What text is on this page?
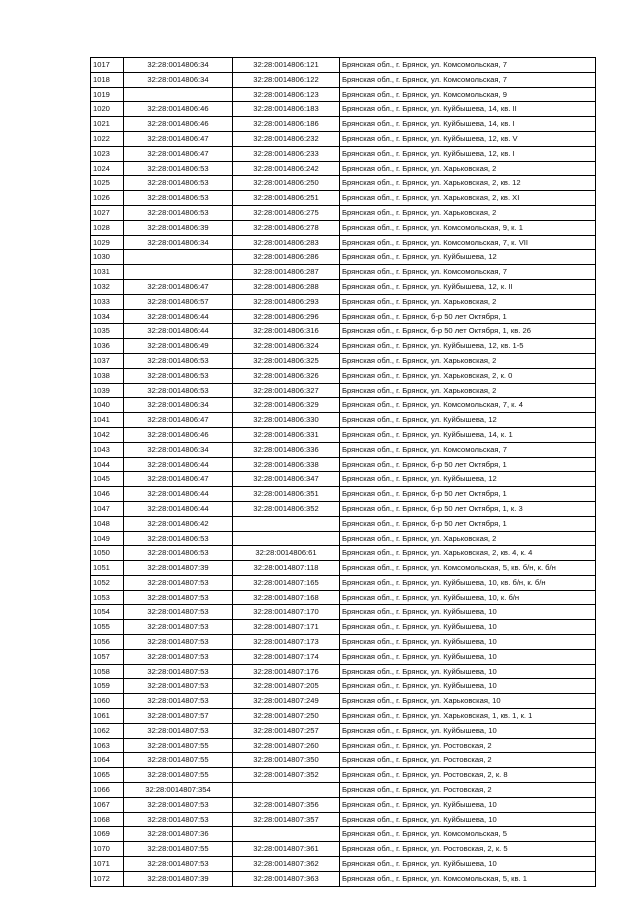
1017	32:28:0014806:34	32:28:0014806:121	Брянская обл., г. Брянск, ул. Комсомольская, 7
1018	32:28:0014806:34	32:28:0014806:122	Брянская обл., г. Брянск, ул. Комсомольская, 7
1019		32:28:0014806:123	Брянская обл., г. Брянск, ул. Комсомольская, 9
1020	32:28:0014806:46	32:28:0014806:183	Брянская обл., г. Брянск, ул. Куйбышева, 14, кв. II
1021	32:28:0014806:46	32:28:0014806:186	Брянская обл., г. Брянск, ул. Куйбышева, 14, кв. I
1022	32:28:0014806:47	32:28:0014806:232	Брянская обл., г. Брянск, ул. Куйбышева, 12, кв. V
1023	32:28:0014806:47	32:28:0014806:233	Брянская обл., г. Брянск, ул. Куйбышева, 12, кв. I
1024	32:28:0014806:53	32:28:0014806:242	Брянская обл., г. Брянск, ул. Харьковская, 2
1025	32:28:0014806:53	32:28:0014806:250	Брянская обл., г. Брянск, ул. Харьковская, 2, кв. 12
1026	32:28:0014806:53	32:28:0014806:251	Брянская обл., г. Брянск, ул. Харьковская, 2, кв. XI
1027	32:28:0014806:53	32:28:0014806:275	Брянская обл., г. Брянск, ул. Харьковская, 2
1028	32:28:0014806:39	32:28:0014806:278	Брянская обл., г. Брянск, ул. Комсомольская, 9, к. 1
1029	32:28:0014806:34	32:28:0014806:283	Брянская обл., г. Брянск, ул. Комсомольская, 7, к. VII
1030		32:28:0014806:286	Брянская обл., г. Брянск, ул. Куйбышева, 12
1031		32:28:0014806:287	Брянская обл., г. Брянск, ул. Комсомольская, 7
1032	32:28:0014806:47	32:28:0014806:288	Брянская обл., г. Брянск, ул. Куйбышева, 12, к. II
1033	32:28:0014806:57	32:28:0014806:293	Брянская обл., г. Брянск, ул. Харьковская, 2
1034	32:28:0014806:44	32:28:0014806:296	Брянская обл., г. Брянск, б-р 50 лет Октября, 1
1035	32:28:0014806:44	32:28:0014806:316	Брянская обл., г. Брянск, б-р 50 лет Октября, 1, кв. 26
1036	32:28:0014806:49	32:28:0014806:324	Брянская обл., г. Брянск, ул. Куйбышева, 12, кв. 1-5
1037	32:28:0014806:53	32:28:0014806:325	Брянская обл., г. Брянск, ул. Харьковская, 2
1038	32:28:0014806:53	32:28:0014806:326	Брянская обл., г. Брянск, ул. Харьковская, 2, к. 0
1039	32:28:0014806:53	32:28:0014806:327	Брянская обл., г. Брянск, ул. Харьковская, 2
1040	32:28:0014806:34	32:28:0014806:329	Брянская обл., г. Брянск, ул. Комсомольская, 7, к. 4
1041	32:28:0014806:47	32:28:0014806:330	Брянская обл., г. Брянск, ул. Куйбышева, 12
1042	32:28:0014806:46	32:28:0014806:331	Брянская обл., г. Брянск, ул. Куйбышева, 14, к. 1
1043	32:28:0014806:34	32:28:0014806:336	Брянская обл., г. Брянск, ул. Комсомольская, 7
1044	32:28:0014806:44	32:28:0014806:338	Брянская обл., г. Брянск, б-р 50 лет Октября, 1
1045	32:28:0014806:47	32:28:0014806:347	Брянская обл., г. Брянск, ул. Куйбышева, 12
1046	32:28:0014806:44	32:28:0014806:351	Брянская обл., г. Брянск, б-р 50 лет Октября, 1
1047	32:28:0014806:44	32:28:0014806:352	Брянская обл., г. Брянск, б-р 50 лет Октября, 1, к. 3
1048	32:28:0014806:42		Брянская обл., г. Брянск, б-р 50 лет Октября, 1
1049	32:28:0014806:53		Брянская обл., г. Брянск, ул. Харьковская, 2
1050	32:28:0014806:53	32:28:0014806:61	Брянская обл., г. Брянск, ул. Харьковская, 2, кв. 4, к. 4
1051	32:28:0014807:39	32:28:0014807:118	Брянская обл., г. Брянск, ул. Комсомольская, 5, кв. б/н, к. б/н
1052	32:28:0014807:53	32:28:0014807:165	Брянская обл., г. Брянск, ул. Куйбышева, 10, кв. б/н, к. б/н
1053	32:28:0014807:53	32:28:0014807:168	Брянская обл., г. Брянск, ул. Куйбышева, 10, к. б/н
1054	32:28:0014807:53	32:28:0014807:170	Брянская обл., г. Брянск, ул. Куйбышева, 10
1055	32:28:0014807:53	32:28:0014807:171	Брянская обл., г. Брянск, ул. Куйбышева, 10
1056	32:28:0014807:53	32:28:0014807:173	Брянская обл., г. Брянск, ул. Куйбышева, 10
1057	32:28:0014807:53	32:28:0014807:174	Брянская обл., г. Брянск, ул. Куйбышева, 10
1058	32:28:0014807:53	32:28:0014807:176	Брянская обл., г. Брянск, ул. Куйбышева, 10
1059	32:28:0014807:53	32:28:0014807:205	Брянская обл., г. Брянск, ул. Куйбышева, 10
1060	32:28:0014807:53	32:28:0014807:249	Брянская обл., г. Брянск, ул. Харьковская, 10
1061	32:28:0014807:57	32:28:0014807:250	Брянская обл., г. Брянск, ул. Харьковская, 1, кв. 1, к. 1
1062	32:28:0014807:53	32:28:0014807:257	Брянская обл., г. Брянск, ул. Куйбышева, 10
1063	32:28:0014807:55	32:28:0014807:260	Брянская обл., г. Брянск, ул. Ростовская, 2
1064	32:28:0014807:55	32:28:0014807:350	Брянская обл., г. Брянск, ул. Ростовская, 2
1065	32:28:0014807:55	32:28:0014807:352	Брянская обл., г. Брянск, ул. Ростовская, 2, к. 8
1066	32:28:0014807:354		Брянская обл., г. Брянск, ул. Ростовская, 2
1067	32:28:0014807:53	32:28:0014807:356	Брянская обл., г. Брянск, ул. Куйбышева, 10
1068	32:28:0014807:53	32:28:0014807:357	Брянская обл., г. Брянск, ул. Куйбышева, 10
1069	32:28:0014807:36		Брянская обл., г. Брянск, ул. Комсомольская, 5
1070	32:28:0014807:55	32:28:0014807:361	Брянская обл., г. Брянск, ул. Ростовская, 2, к. 5
1071	32:28:0014807:53	32:28:0014807:362	Брянская обл., г. Брянск, ул. Куйбышева, 10
1072	32:28:0014807:39	32:28:0014807:363	Брянская обл., г. Брянск, ул. Комсомольская, 5, кв. 1
